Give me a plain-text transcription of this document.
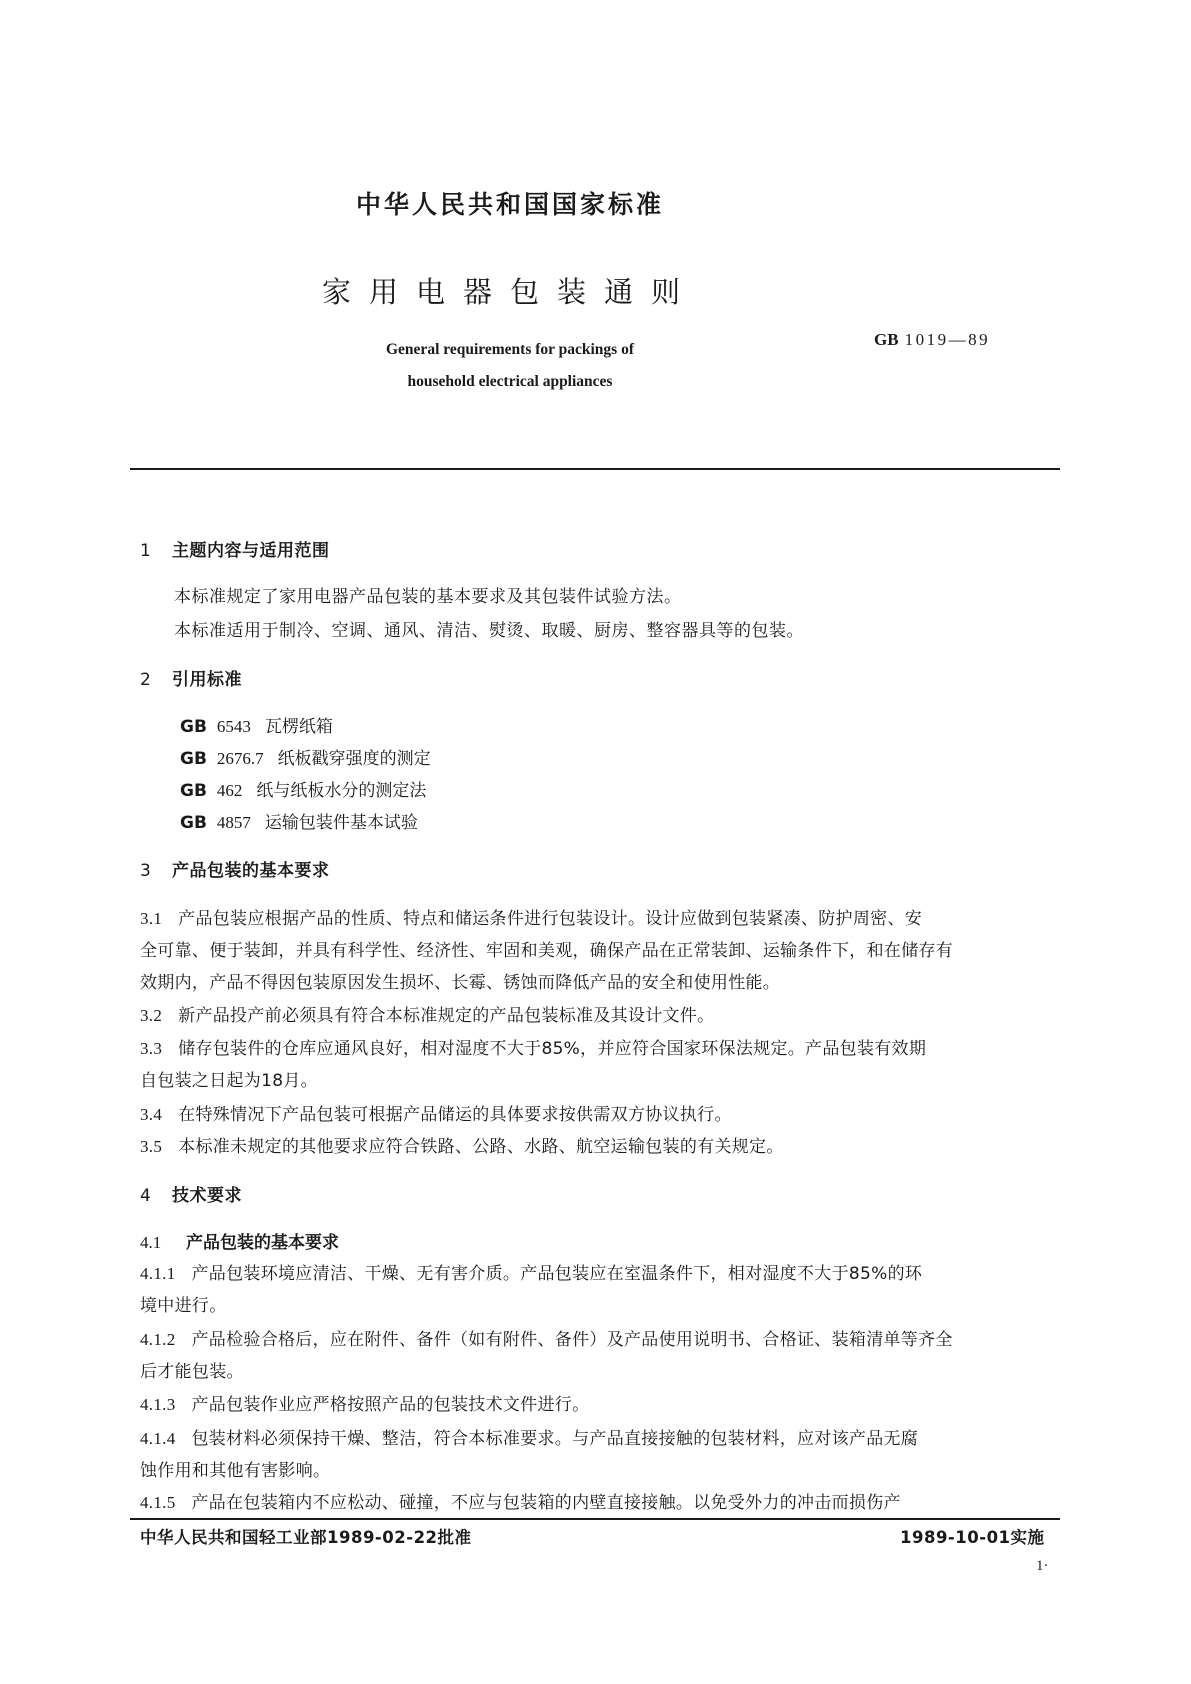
中华人民共和国国家标准
家用电器包装通则
General requirements for packings of
household electrical appliances
GB 1019—89
1 主题内容与适用范围
本标准规定了家用电器产品包装的基本要求及其包装件试验方法。
本标准适用于制冷、空调、通风、清洁、熨烫、取暖、厨房、整容器具等的包装。
2 引用标准
GB 6543 瓦楞纸箱
GB 2676.7 纸板戳穿强度的测定
GB 462 纸与纸板水分的测定法
GB 4857 运输包装件基本试验
3 产品包装的基本要求
3.1 产品包装应根据产品的性质、特点和储运条件进行包装设计。设计应做到包装紧凑、防护周密、安
全可靠、便于装卸，并具有科学性、经济性、牢固和美观，确保产品在正常装卸、运输条件下，和在储存有
效期内，产品不得因包装原因发生损坏、长霉、锈蚀而降低产品的安全和使用性能。
3.2 新产品投产前必须具有符合本标准规定的产品包装标准及其设计文件。
3.3 储存包装件的仓库应通风良好，相对湿度不大于85%，并应符合国家环保法规定。产品包装有效期
自包装之日起为18月。
3.4 在特殊情况下产品包装可根据产品储运的具体要求按供需双方协议执行。
3.5 本标准未规定的其他要求应符合铁路、公路、水路、航空运输包装的有关规定。
4 技术要求
4.1 产品包装的基本要求
4.1.1 产品包装环境应清洁、干燥、无有害介质。产品包装应在室温条件下，相对湿度不大于85%的环
境中进行。
4.1.2 产品检验合格后，应在附件、备件（如有附件、备件）及产品使用说明书、合格证、装箱清单等齐全
后才能包装。
4.1.3 产品包装作业应严格按照产品的包装技术文件进行。
4.1.4 包装材料必须保持干燥、整洁，符合本标准要求。与产品直接接触的包装材料，应对该产品无腐
蚀作用和其他有害影响。
4.1.5 产品在包装箱内不应松动、碰撞，不应与包装箱的内壁直接接触。以免受外力的冲击而损伤产
中华人民共和国轻工业部1989-02-22批准	1989-10-01实施
1·
